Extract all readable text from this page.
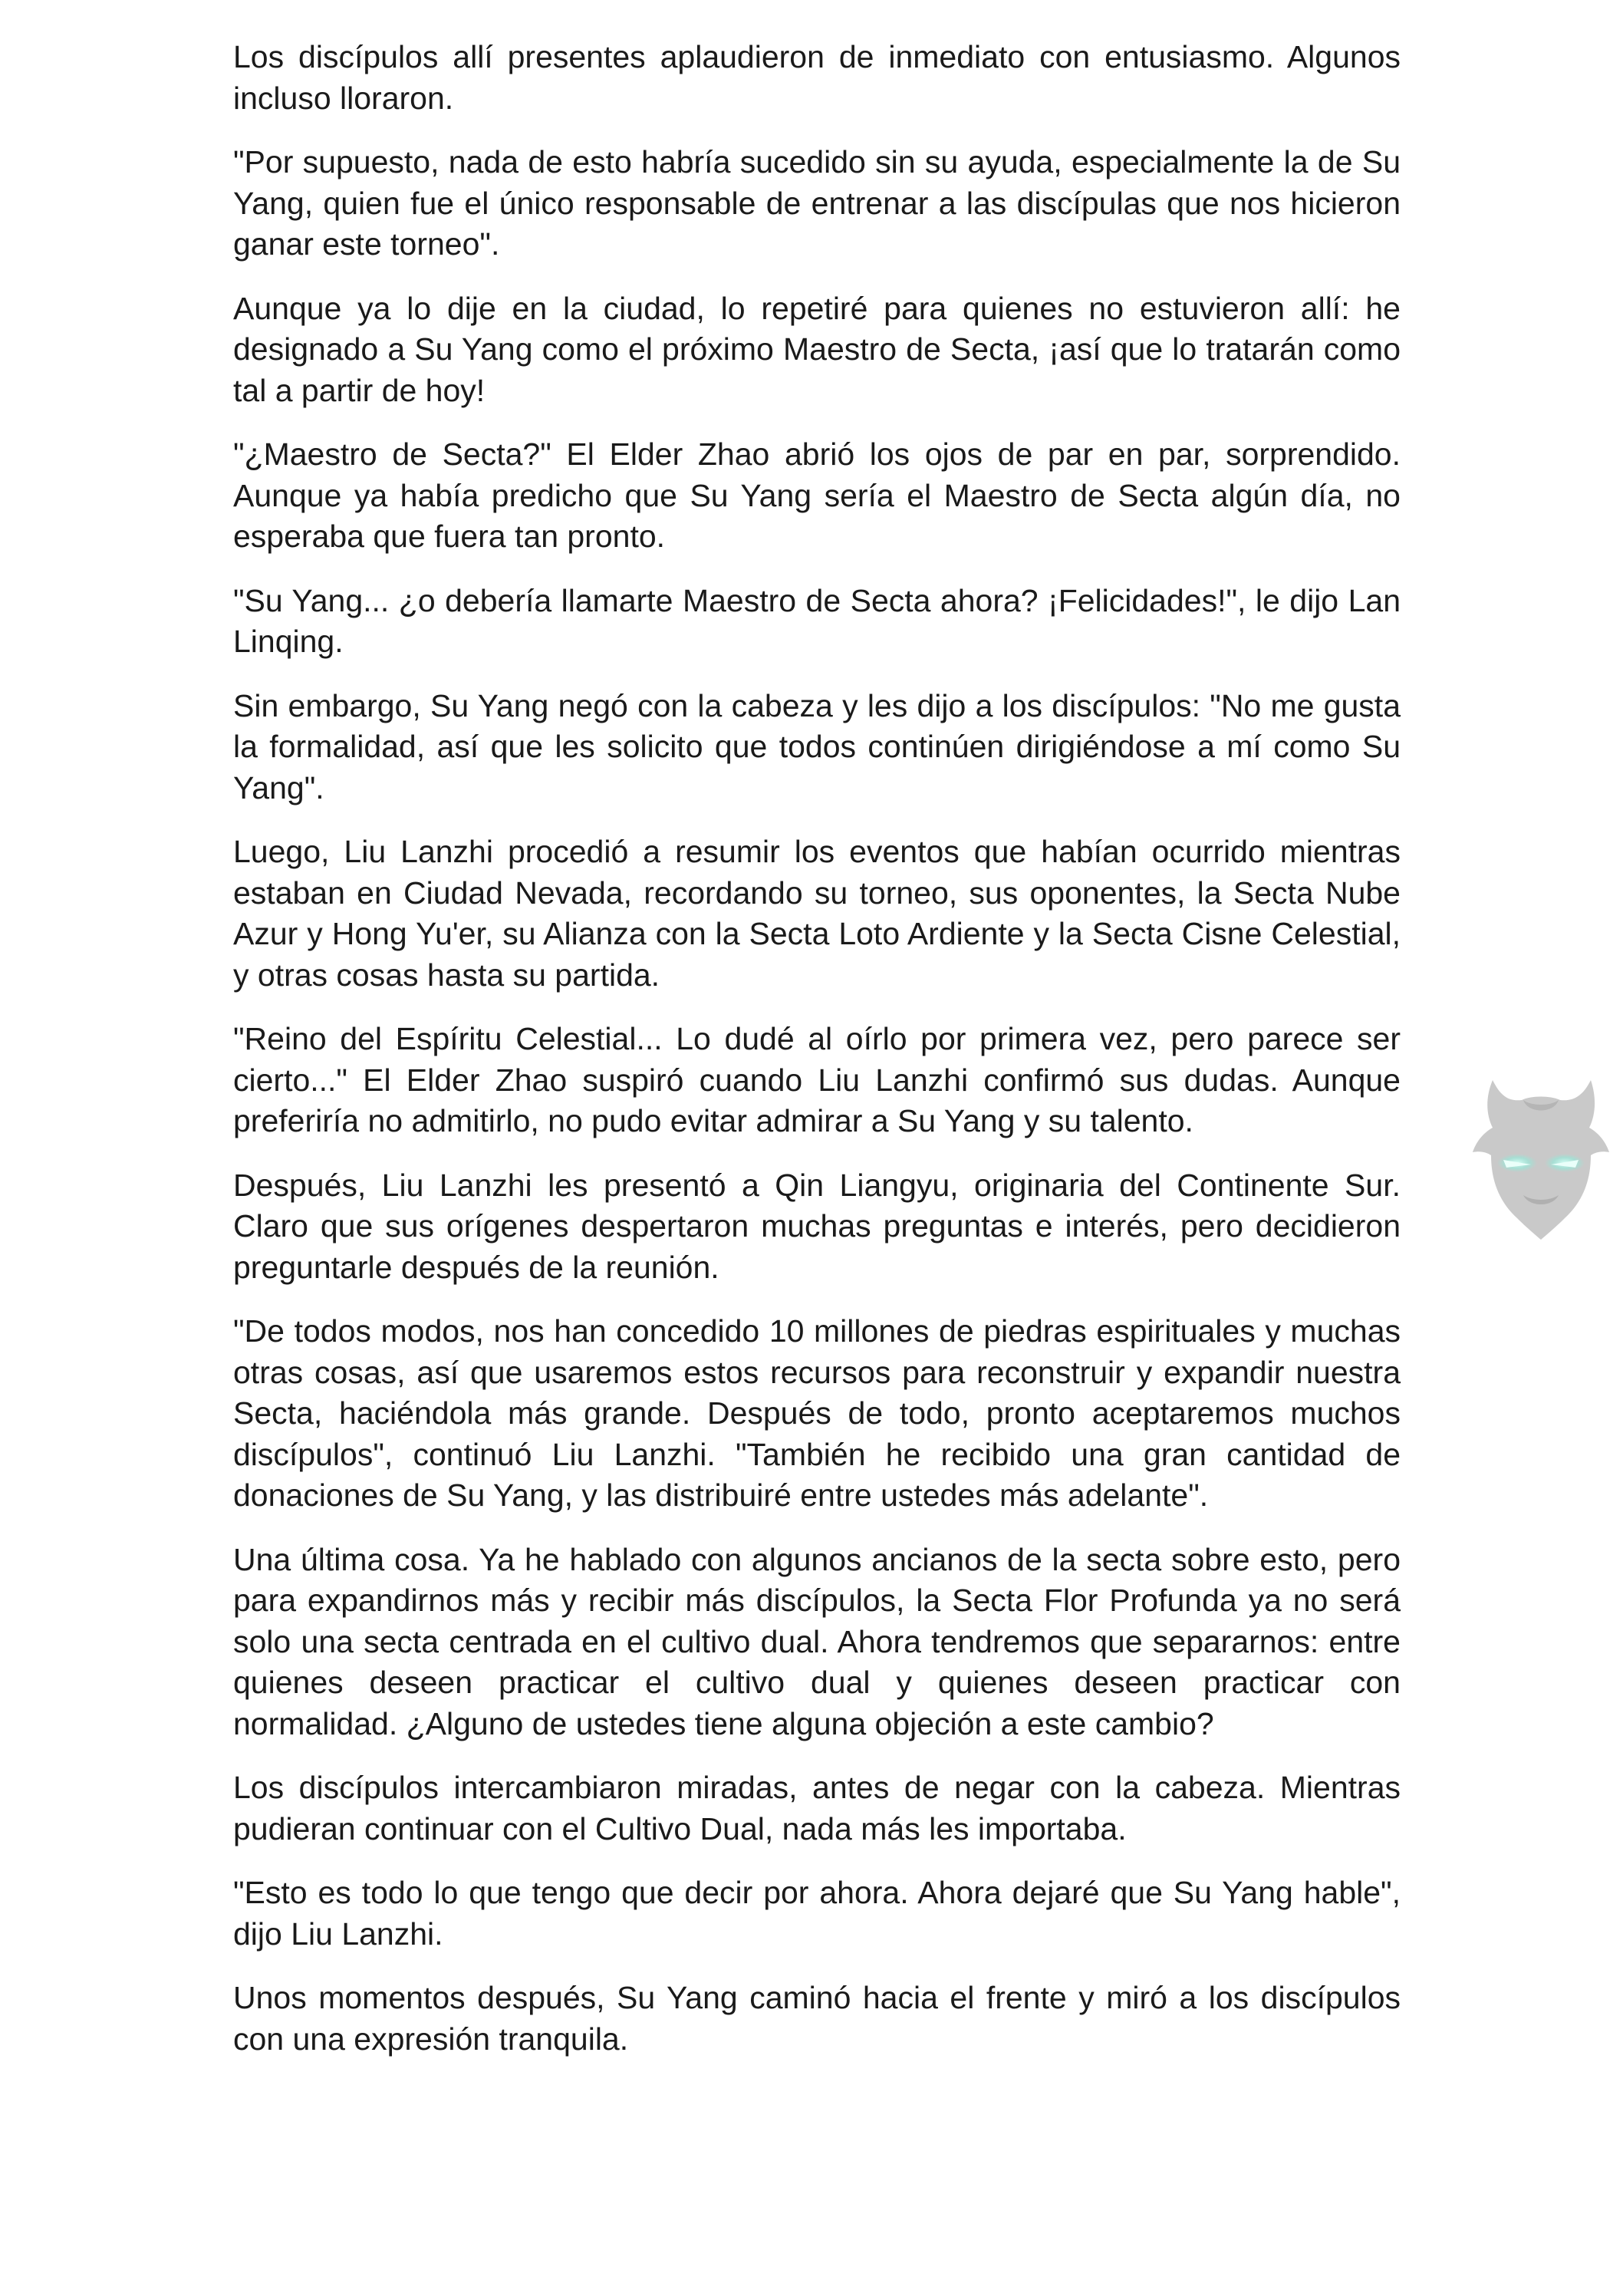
Los discípulos allí presentes aplaudieron de inmediato con entusiasmo. Algunos incluso lloraron.

"Por supuesto, nada de esto habría sucedido sin su ayuda, especialmente la de Su Yang, quien fue el único responsable de entrenar a las discípulas que nos hicieron ganar este torneo".

Aunque ya lo dije en la ciudad, lo repetiré para quienes no estuvieron allí: he designado a Su Yang como el próximo Maestro de Secta, ¡así que lo tratarán como tal a partir de hoy!

"¿Maestro de Secta?" El Elder Zhao abrió los ojos de par en par, sorprendido. Aunque ya había predicho que Su Yang sería el Maestro de Secta algún día, no esperaba que fuera tan pronto.

"Su Yang... ¿o debería llamarte Maestro de Secta ahora? ¡Felicidades!", le dijo Lan Linqing.

Sin embargo, Su Yang negó con la cabeza y les dijo a los discípulos: "No me gusta la formalidad, así que les solicito que todos continúen dirigiéndose a mí como Su Yang".

Luego, Liu Lanzhi procedió a resumir los eventos que habían ocurrido mientras estaban en Ciudad Nevada, recordando su torneo, sus oponentes, la Secta Nube Azur y Hong Yu'er, su Alianza con la Secta Loto Ardiente y la Secta Cisne Celestial, y otras cosas hasta su partida.

"Reino del Espíritu Celestial... Lo dudé al oírlo por primera vez, pero parece ser cierto..." El Elder Zhao suspiró cuando Liu Lanzhi confirmó sus dudas. Aunque preferiría no admitirlo, no pudo evitar admirar a Su Yang y su talento.

Después, Liu Lanzhi les presentó a Qin Liangyu, originaria del Continente Sur. Claro que sus orígenes despertaron muchas preguntas e interés, pero decidieron preguntarle después de la reunión.

"De todos modos, nos han concedido 10 millones de piedras espirituales y muchas otras cosas, así que usaremos estos recursos para reconstruir y expandir nuestra Secta, haciéndola más grande. Después de todo, pronto aceptaremos muchos discípulos", continuó Liu Lanzhi. "También he recibido una gran cantidad de donaciones de Su Yang, y las distribuiré entre ustedes más adelante".

Una última cosa. Ya he hablado con algunos ancianos de la secta sobre esto, pero para expandirnos más y recibir más discípulos, la Secta Flor Profunda ya no será solo una secta centrada en el cultivo dual. Ahora tendremos que separarnos: entre quienes deseen practicar el cultivo dual y quienes deseen practicar con normalidad. ¿Alguno de ustedes tiene alguna objeción a este cambio?

Los discípulos intercambiaron miradas, antes de negar con la cabeza. Mientras pudieran continuar con el Cultivo Dual, nada más les importaba.

"Esto es todo lo que tengo que decir por ahora. Ahora dejaré que Su Yang hable", dijo Liu Lanzhi.

Unos momentos después, Su Yang caminó hacia el frente y miró a los discípulos con una expresión tranquila.
